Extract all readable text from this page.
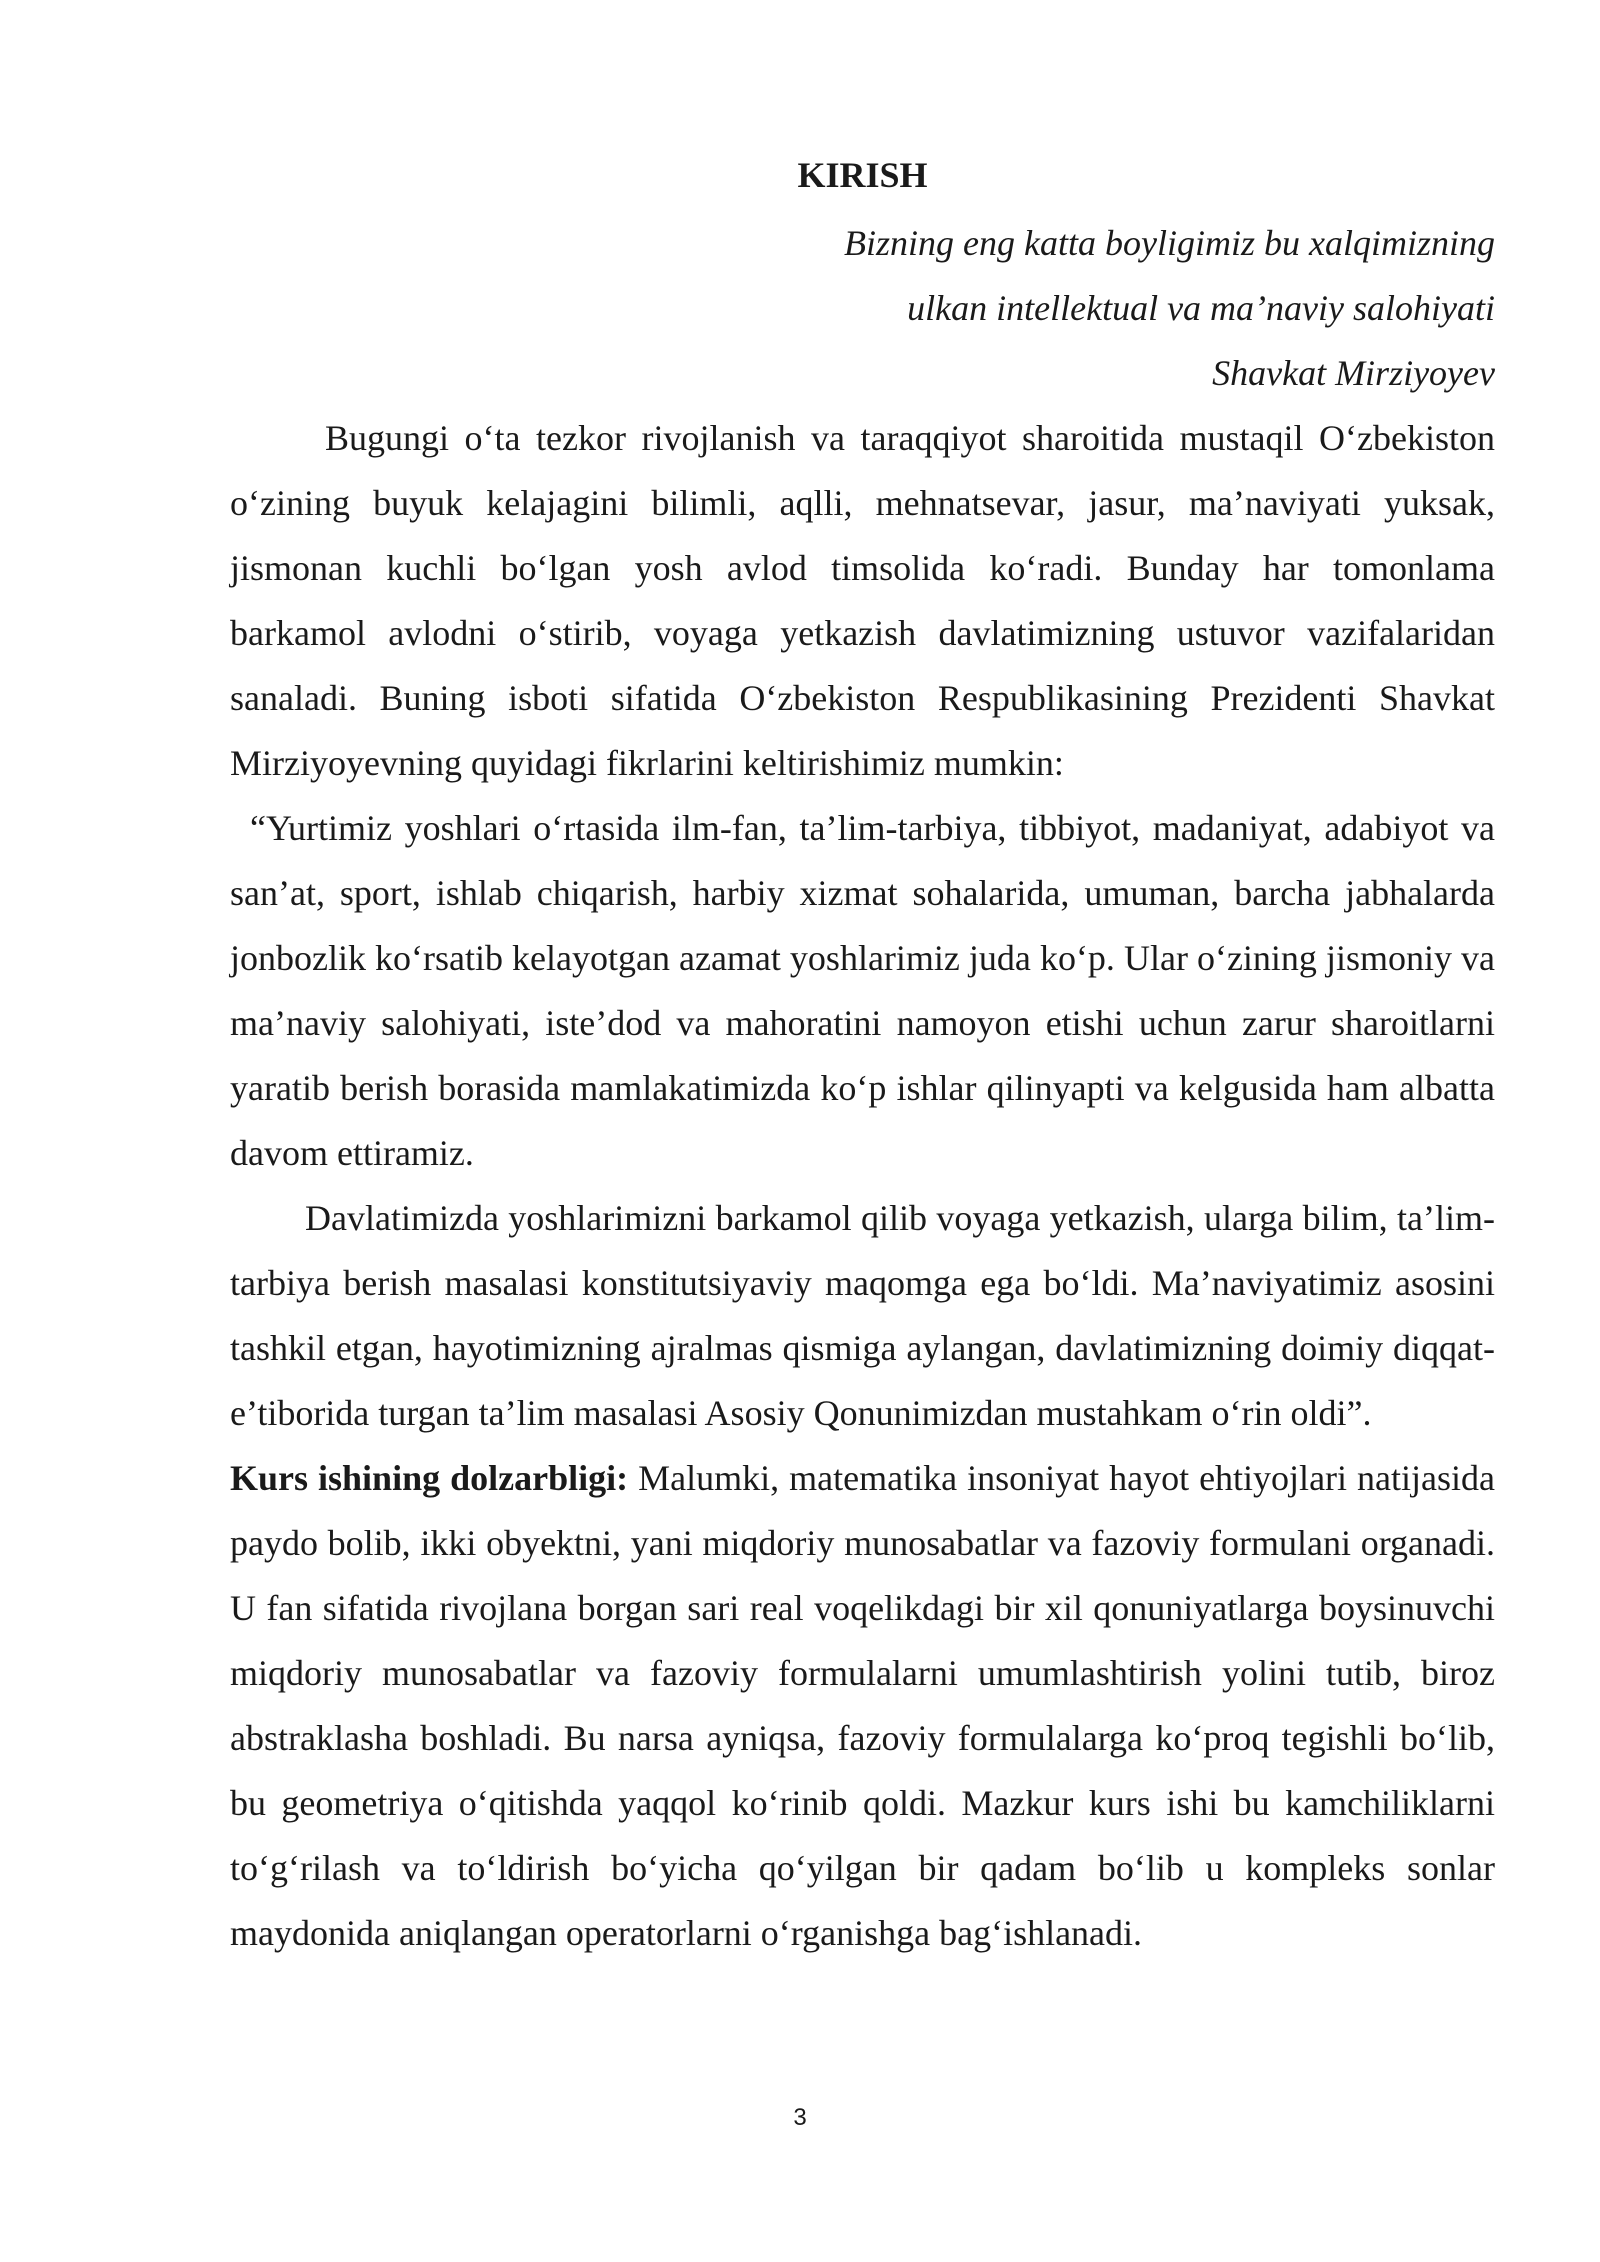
KIRISH
Bizning eng katta boyligimiz bu xalqimizning
ulkan intellektual va ma’naviy salohiyati
Shavkat Mirziyoyev

Bugungi o‘ta tezkor rivojlanish va taraqqiyot sharoitida mustaqil O‘zbekiston o‘zining buyuk kelajagini bilimli, aqlli, mehnatsevar, jasur, ma’naviyati yuksak, jismonan kuchli bo‘lgan yosh avlod timsolida ko‘radi. Bunday har tomonlama barkamol avlodni o‘stirib, voyaga yetkazish davlatimizning ustuvor vazifalaridan sanaladi. Buning isboti sifatida O‘zbekiston Respublikasining Prezidenti Shavkat Mirziyoyevning quyidagi fikrlarini keltirishimiz mumkin:

“Yurtimiz yoshlari o‘rtasida ilm-fan, ta’lim-tarbiya, tibbiyot, madaniyat, adabiyot va san’at, sport, ishlab chiqarish, harbiy xizmat sohalarida, umuman, barcha jabhalarda jonbozlik ko‘rsatib kelayotgan azamat yoshlarimiz juda ko‘p. Ular o‘zining jismoniy va ma’naviy salohiyati, iste’dod va mahoratini namoyon etishi uchun zarur sharoitlarni yaratib berish borasida mamlakatimizda ko‘p ishlar qilinyapti va kelgusida ham albatta davom ettiramiz.

Davlatimizda yoshlarimizni barkamol qilib voyaga yetkazish, ularga bilim, ta’lim-tarbiya berish masalasi konstitutsiyaviy maqomga ega bo‘ldi. Ma’naviyatimiz asosini tashkil etgan, hayotimizning ajralmas qismiga aylangan, davlatimizning doimiy diqqat-e’tiborida turgan ta’lim masalasi Asosiy Qonunimizdan mustahkam o‘rin oldi”.

Kurs ishining dolzarbligi: Malumki, matematika insoniyat hayot ehtiyojlari natijasida paydo bolib, ikki obyektni, yani miqdoriy munosabatlar va fazoviy formulani organadi. U fan sifatida rivojlana borgan sari real voqelikdagi bir xil qonuniyatlarga boysinuvchi miqdoriy munosabatlar va fazoviy formulalarni umumlashtirish yolini tutib, biroz abstraklasha boshladi. Bu narsa ayniqsa, fazoviy formulalarga ko‘proq tegishli bo‘lib, bu geometriya o‘qitishda yaqqol ko‘rinib qoldi. Mazkur kurs ishi bu kamchiliklarni to‘g‘rilash va to‘ldirish bo‘yicha qo‘yilgan bir qadam bo‘lib u kompleks sonlar maydonida aniqlangan operatorlarni o‘rganishga bag‘ishlanadi.

3
